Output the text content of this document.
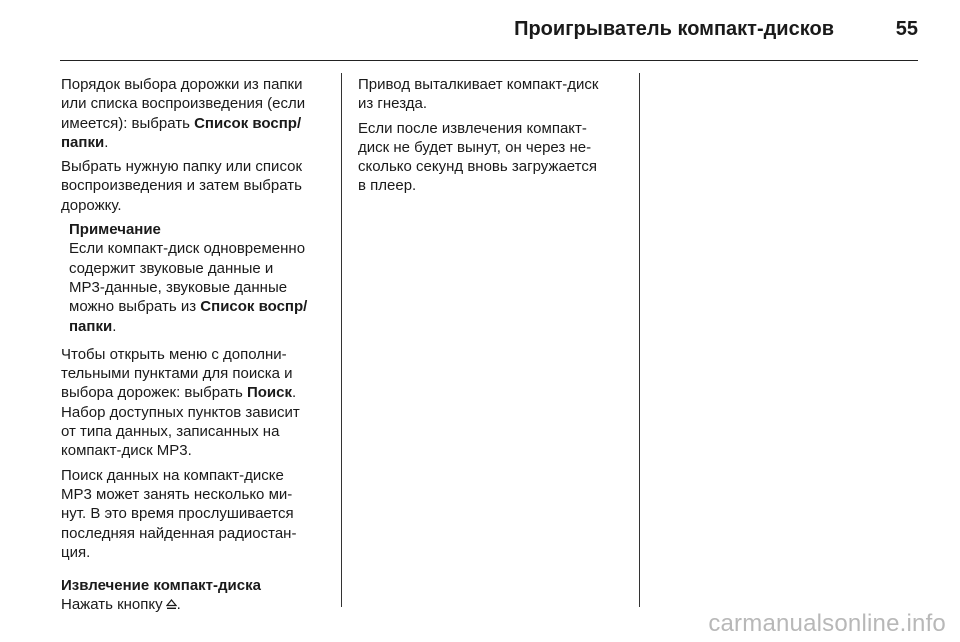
Проигрыватель компакт-дисков	55

Порядок выбора дорожки из папки
или списка воспроизведения (если
имеется): выбрать Список воспр/
папки.

Выбрать нужную папку или список
воспроизведения и затем выбрать
дорожку.

Примечание
Если компакт-диск одновременно
содержит звуковые данные и
MP3-данные, звуковые данные
можно выбрать из Список воспр/
папки.

Чтобы открыть меню с дополни-
тельными пунктами для поиска и
выбора дорожек: выбрать Поиск.
Набор доступных пунктов зависит
от типа данных, записанных на
компакт-диск MP3.

Поиск данных на компакт-диске
MP3 может занять несколько ми-
нут. В это время прослушивается
последняя найденная радиостан-
ция.

Извлечение компакт-диска
Нажать кнопку .

Привод выталкивает компакт-диск
из гнезда.

Если после извлечения компакт-
диск не будет вынут, он через не-
сколько секунд вновь загружается
в плеер.

carmanualsonline.info
